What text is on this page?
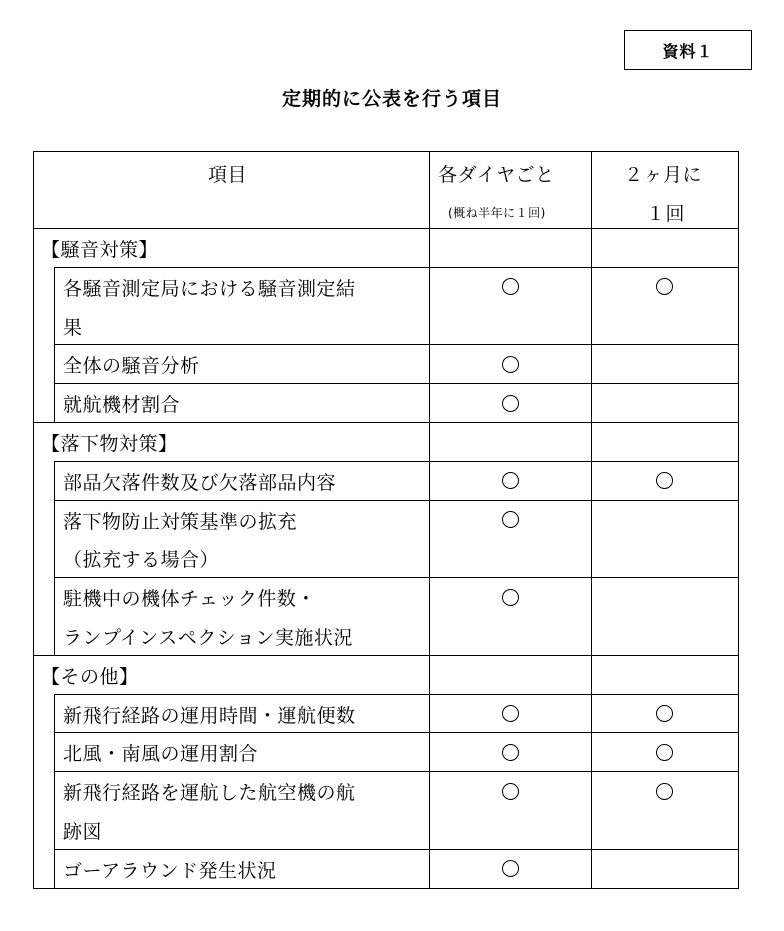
資料１
定期的に公表を行う項目
項目	各ダイヤごと
(概ね半年に１回)
２ヶ月に
１回
【騒音対策】
各騒音測定局における騒音測定結
果
全体の騒音分析
就航機材割合
【落下物対策】
部品欠落件数及び欠落部品内容
落下物防止対策基準の拡充
（拡充する場合）
駐機中の機体チェック件数・
ランプインスペクション実施状況
【その他】
新飛行経路の運用時間・運航便数
北風・南風の運用割合
新飛行経路を運航した航空機の航
跡図
ゴーアラウンド発生状況
